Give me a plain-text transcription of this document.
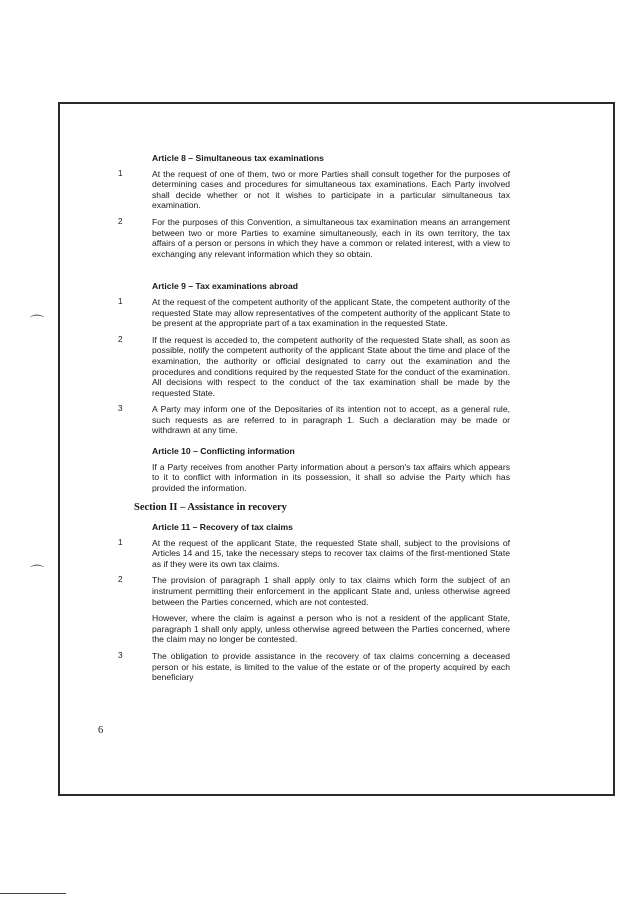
⌒
⌒
Article 8 – Simultaneous tax examinations
1	At the request of one of them, two or more Parties shall consult together for the purposes of determining cases and procedures for simultaneous tax examinations. Each Party involved shall decide whether or not it wishes to participate in a particular simultaneous tax examination.
2	For the purposes of this Convention, a simultaneous tax examination means an arrangement between two or more Parties to examine simultaneously, each in its own territory, the tax affairs of a person or persons in which they have a common or related interest, with a view to exchanging any relevant information which they so obtain.
Article 9 – Tax examinations abroad
1	At the request of the competent authority of the applicant State, the competent authority of the requested State may allow representatives of the competent authority of the applicant State to be present at the appropriate part of a tax examination in the requested State.
2	If the request is acceded to, the competent authority of the requested State shall, as soon as possible, notify the competent authority of the applicant State about the time and place of the examination, the authority or official designated to carry out the examination and the procedures and conditions required by the requested State for the conduct of the examination. All decisions with respect to the conduct of the tax examination shall be made by the requested State.
3	A Party may inform one of the Depositaries of its intention not to accept, as a general rule, such requests as are referred to in paragraph 1. Such a declaration may be made or withdrawn at any time.
Article 10 – Conflicting information
If a Party receives from another Party information about a person's tax affairs which appears to it to conflict with information in its possession, it shall so advise the Party which has provided the information.
Section II – Assistance in recovery
Article 11 – Recovery of tax claims
1	At the request of the applicant State, the requested State shall, subject to the provisions of Articles 14 and 15, take the necessary steps to recover tax claims of the first-mentioned State as if they were its own tax claims.
2	The provision of paragraph 1 shall apply only to tax claims which form the subject of an instrument permitting their enforcement in the applicant State and, unless otherwise agreed between the Parties concerned, which are not contested.
However, where the claim is against a person who is not a resident of the applicant State, paragraph 1 shall only apply, unless otherwise agreed between the Parties concerned, where the claim may no longer be contested.
3	The obligation to provide assistance in the recovery of tax claims concerning a deceased person or his estate, is limited to the value of the estate or of the property acquired by each beneficiary
6
